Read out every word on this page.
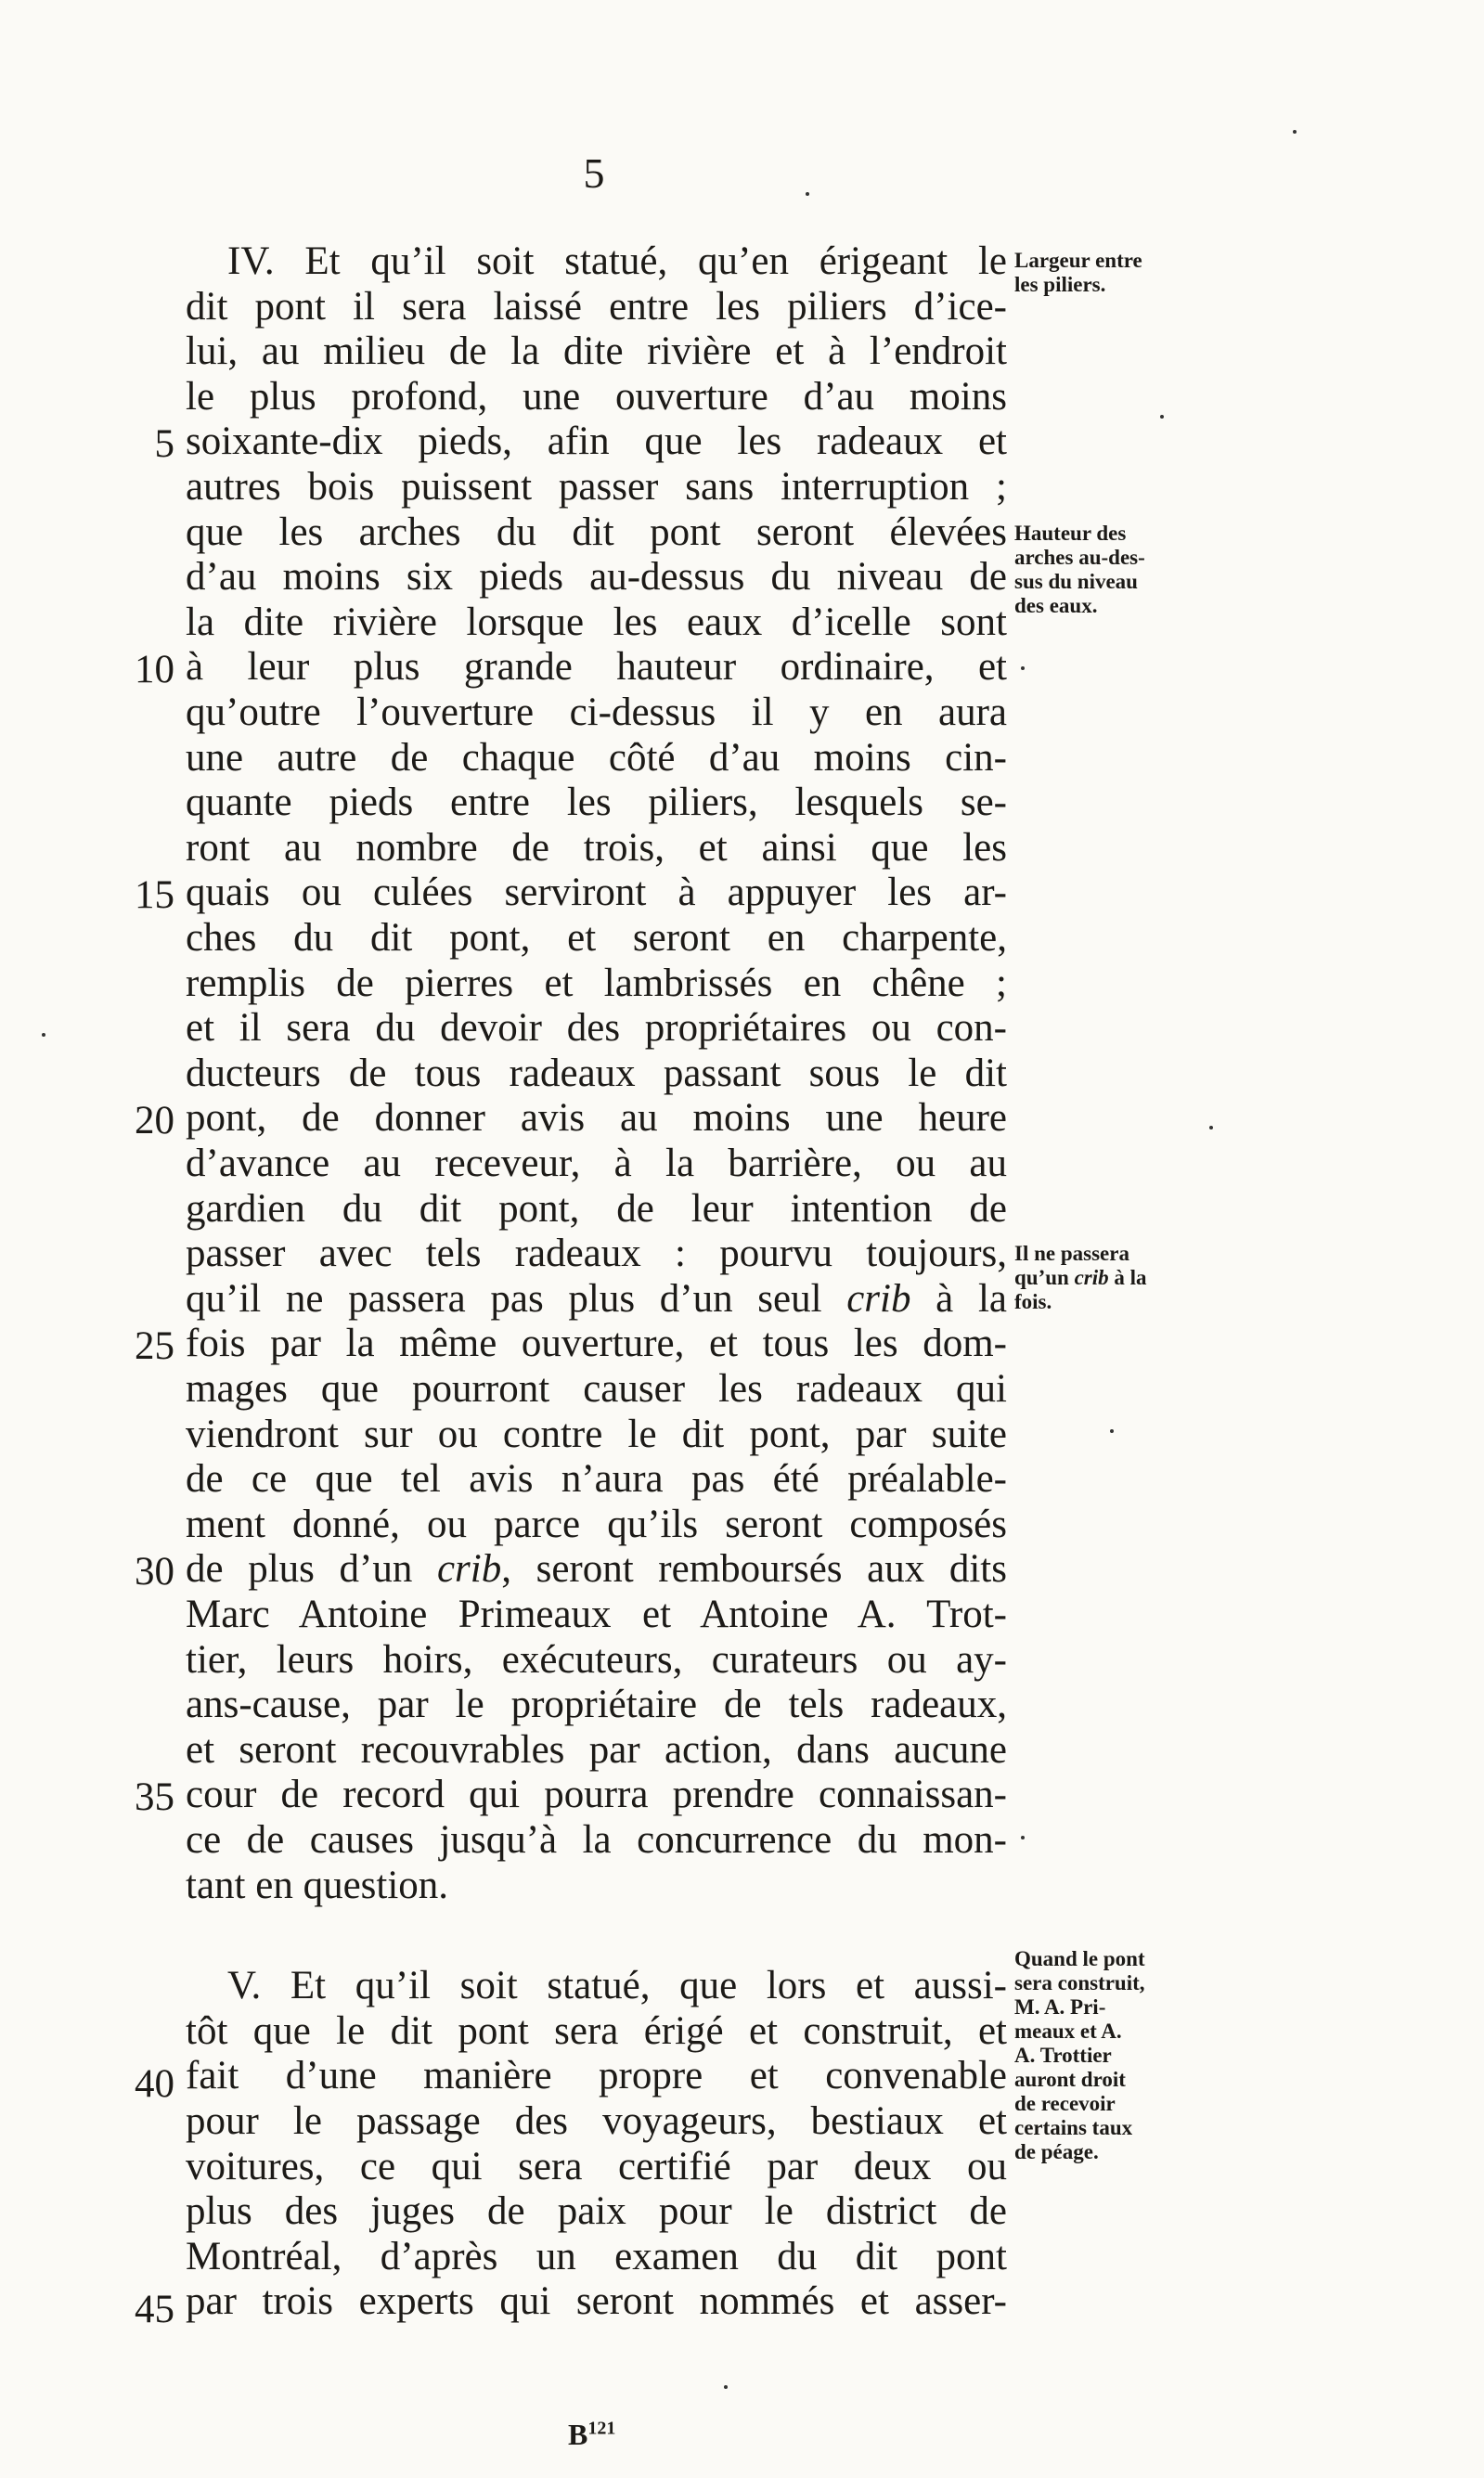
5
IV. Et qu’il soit statué, qu’en érigeant le
dit pont il sera laissé entre les piliers d’ice-
lui, au milieu de la dite rivière et à l’endroit
le plus profond, une ouverture d’au moins
soixante-dix pieds, afin que les radeaux et
autres bois puissent passer sans interruption ;
que les arches du dit pont seront élevées
d’au moins six pieds au-dessus du niveau de
la dite rivière lorsque les eaux d’icelle sont
à leur plus grande hauteur ordinaire, et
qu’outre l’ouverture ci-dessus il y en aura
une autre de chaque côté d’au moins cin-
quante pieds entre les piliers, lesquels se-
ront au nombre de trois, et ainsi que les
quais ou culées serviront à appuyer les ar-
ches du dit pont, et seront en charpente,
remplis de pierres et lambrissés en chêne ;
et il sera du devoir des propriétaires ou con-
ducteurs de tous radeaux passant sous le dit
pont, de donner avis au moins une heure
d’avance au receveur, à la barrière, ou au
gardien du dit pont, de leur intention de
passer avec tels radeaux : pourvu toujours,
qu’il ne passera pas plus d’un seul crib à la
fois par la même ouverture, et tous les dom-
mages que pourront causer les radeaux qui
viendront sur ou contre le dit pont, par suite
de ce que tel avis n’aura pas été préalable-
ment donné, ou parce qu’ils seront composés
de plus d’un crib, seront remboursés aux dits
Marc Antoine Primeaux et Antoine A. Trot-
tier, leurs hoirs, exécuteurs, curateurs ou ay-
ans-cause, par le propriétaire de tels radeaux,
et seront recouvrables par action, dans aucune
cour de record qui pourra prendre connaissan-
ce de causes jusqu’à la concurrence du mon-
tant en question.
V. Et qu’il soit statué, que lors et aussi-
tôt que le dit pont sera érigé et construit, et
fait d’une manière propre et convenable
pour le passage des voyageurs, bestiaux et
voitures, ce qui sera certifié par deux ou
plus des juges de paix pour le district de
Montréal, d’après un examen du dit pont
par trois experts qui seront nommés et asser-
5
10
15
20
25
30
35
40
45
Largeur entre
les piliers.
Hauteur des
arches au-des-
sus du niveau
des eaux.
Il ne passera
qu’un crib à la
fois.
Quand le pont
sera construit,
M. A. Pri-
meaux et A.
A. Trottier
auront droit
de recevoir
certains taux
de péage.
$B^{121}$
